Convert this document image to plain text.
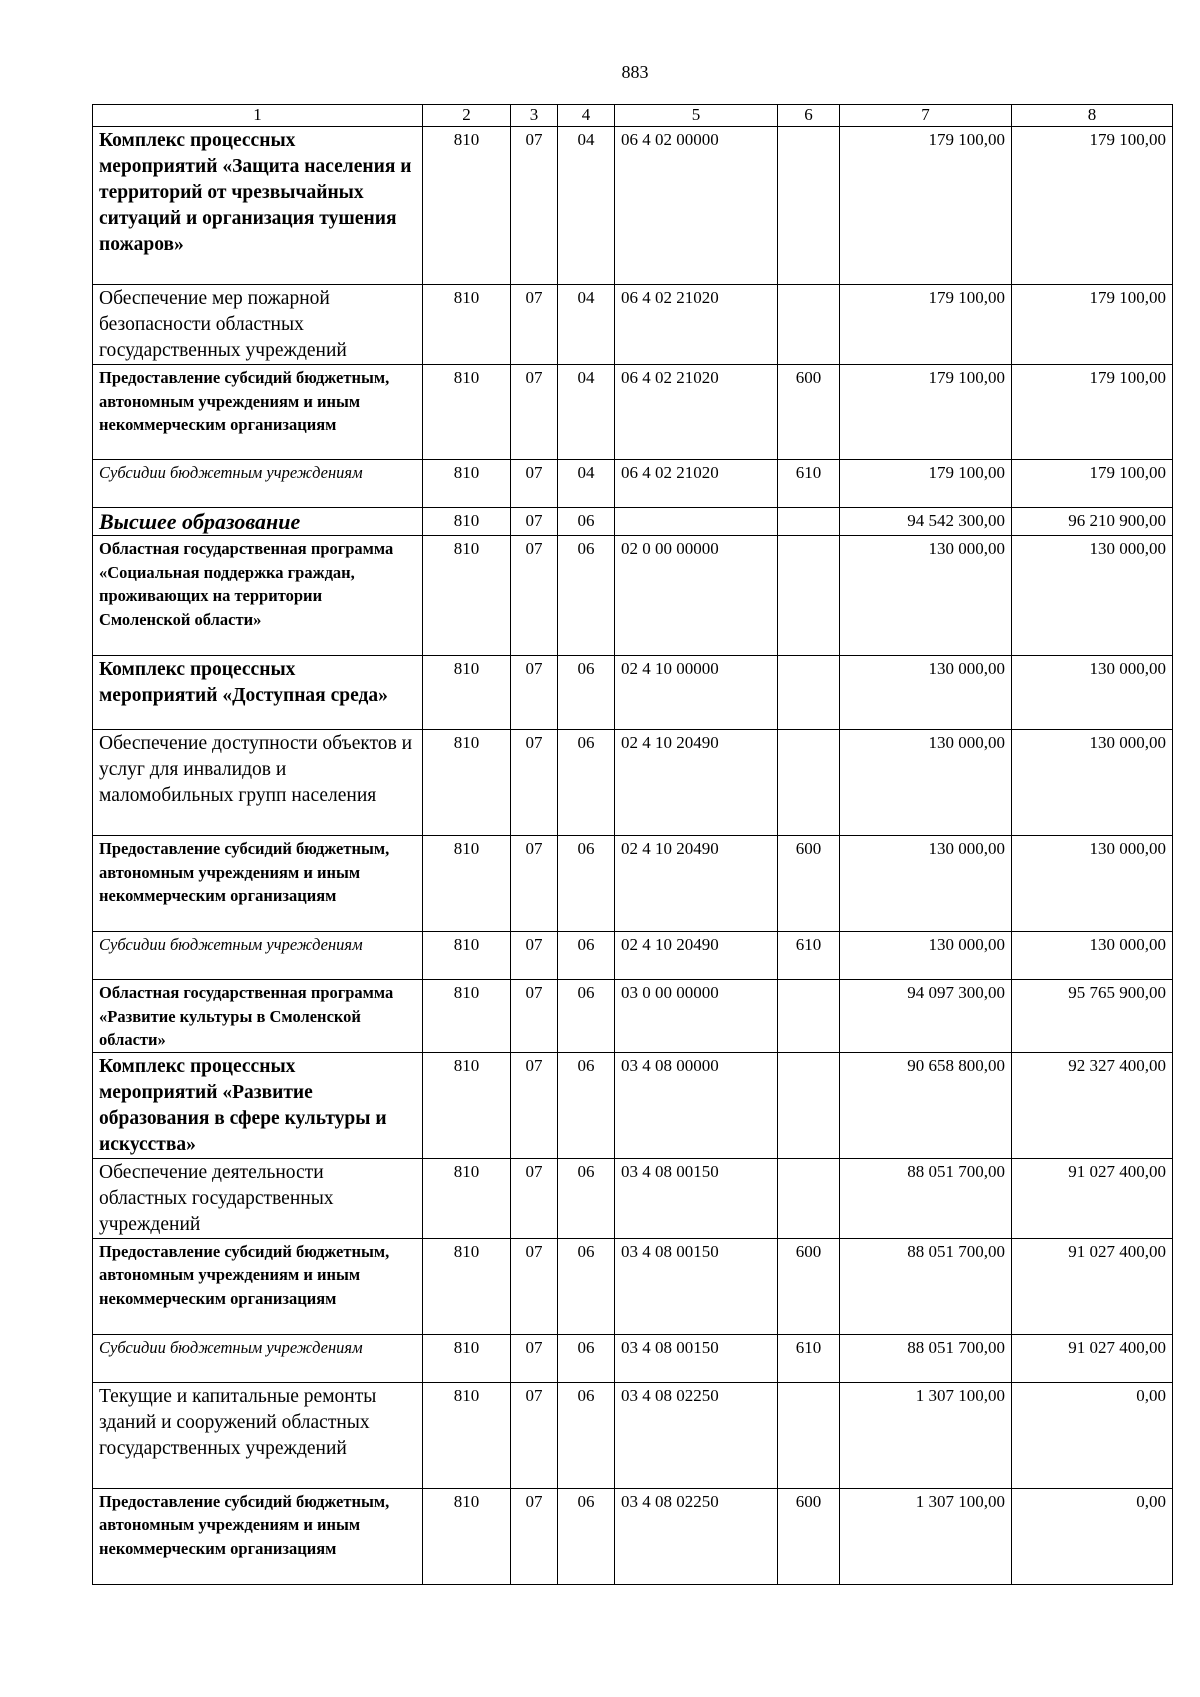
883
1	2	3	4	5	6	7	8
Комплекс процессных мероприятий «Защита населения и территорий от чрезвычайных ситуаций и организация тушения пожаров»	810	07	04	06 4 02 00000		179 100,00	179 100,00
Обеспечение мер пожарной безопасности областных государственных учреждений	810	07	04	06 4 02 21020		179 100,00	179 100,00
Предоставление субсидий бюджетным, автономным учреждениям и иным некоммерческим организациям	810	07	04	06 4 02 21020	600	179 100,00	179 100,00
Субсидии бюджетным учреждениям	810	07	04	06 4 02 21020	610	179 100,00	179 100,00
Высшее образование	810	07	06			94 542 300,00	96 210 900,00
Областная государственная программа «Социальная поддержка граждан, проживающих на территории Смоленской области»	810	07	06	02 0 00 00000		130 000,00	130 000,00
Комплекс процессных мероприятий «Доступная среда»	810	07	06	02 4 10 00000		130 000,00	130 000,00
Обеспечение доступности объектов и услуг для инвалидов и маломобильных групп населения	810	07	06	02 4 10 20490		130 000,00	130 000,00
Предоставление субсидий бюджетным, автономным учреждениям и иным некоммерческим организациям	810	07	06	02 4 10 20490	600	130 000,00	130 000,00
Субсидии бюджетным учреждениям	810	07	06	02 4 10 20490	610	130 000,00	130 000,00
Областная государственная программа «Развитие культуры в Смоленской области»	810	07	06	03 0 00 00000		94 097 300,00	95 765 900,00
Комплекс процессных мероприятий «Развитие образования в сфере культуры и искусства»	810	07	06	03 4 08 00000		90 658 800,00	92 327 400,00
Обеспечение деятельности областных государственных учреждений	810	07	06	03 4 08 00150		88 051 700,00	91 027 400,00
Предоставление субсидий бюджетным, автономным учреждениям и иным некоммерческим организациям	810	07	06	03 4 08 00150	600	88 051 700,00	91 027 400,00
Субсидии бюджетным учреждениям	810	07	06	03 4 08 00150	610	88 051 700,00	91 027 400,00
Текущие и капитальные ремонты зданий и сооружений областных государственных учреждений	810	07	06	03 4 08 02250		1 307 100,00	0,00
Предоставление субсидий бюджетным, автономным учреждениям и иным некоммерческим организациям	810	07	06	03 4 08 02250	600	1 307 100,00	0,00
